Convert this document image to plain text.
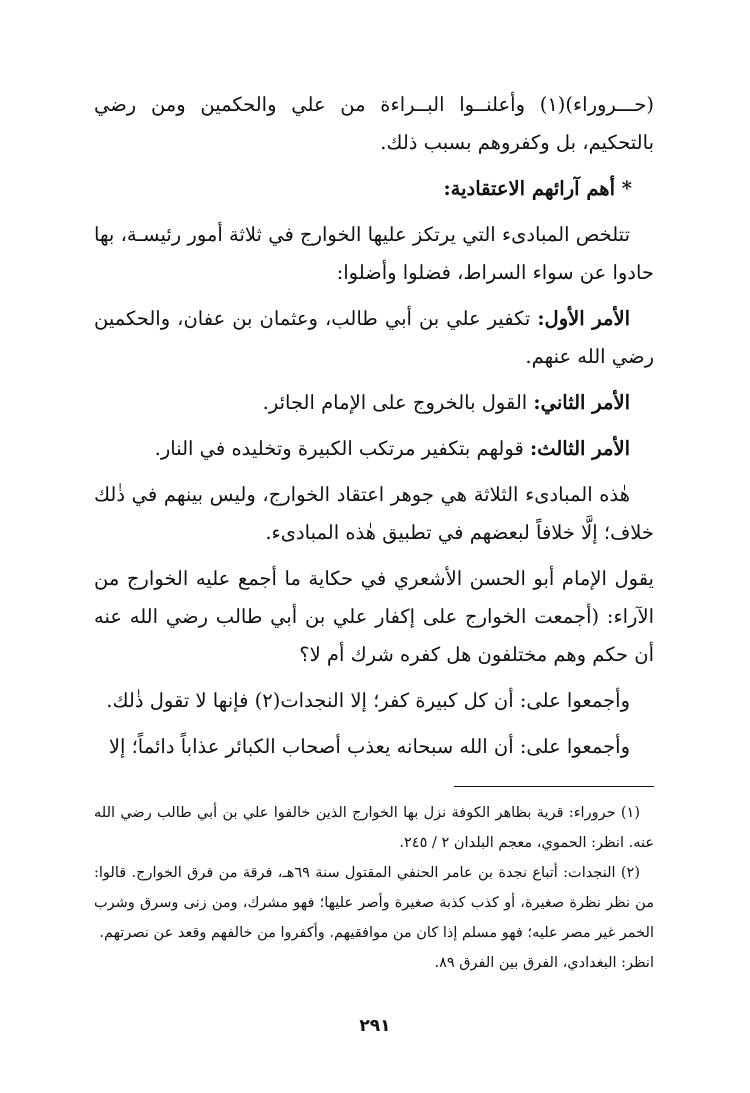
(حـــروراء)(١) وأعلنــوا البــراءة من علي والحكمين ومن رضي بالتحكيم، بل وكفروهم بسبب ذلك.

* أهم آرائهم الاعتقادية:

تتلخص المبادىء التي يرتكز عليها الخوارج في ثلاثة أمور رئيسـة، بها حادوا عن سواء السراط، فضلوا وأضلوا:

الأمر الأول: تكفير علي بن أبي طالب، وعثمان بن عفان، والحكمين رضي الله عنهم.

الأمر الثاني: القول بالخروج على الإمام الجائر.

الأمر الثالث: قولهم بتكفير مرتكب الكبيرة وتخليده في النار.

هٰذه المبادىء الثلاثة هي جوهر اعتقاد الخوارج، وليس بينهم في ذٰلك خلاف؛ إلَّا خلافاً لبعضهم في تطبيق هٰذه المبادىء.

يقول الإمام أبو الحسن الأشعري في حكاية ما أجمع عليه الخوارج من الآراء: (أجمعت الخوارج على إكفار علي بن أبي طالب رضي الله عنه أن حكم وهم مختلفون هل كفره شرك أم لا؟

وأجمعوا على: أن كل كبيرة كفر؛ إلا النجدات(٢) فإنها لا تقول ذٰلك.

وأجمعوا على: أن الله سبحانه يعذب أصحاب الكبائر عذاباً دائماً؛ إلا

(١) حروراء: قرية بظاهر الكوفة نزل بها الخوارج الذين خالفوا علي بن أبي طالب رضي الله عنه. انظر: الحموي، معجم البلدان ٢ / ٢٤٥.

(٢) النجدات: أتباع نجدة بن عامر الحنفي المقتول سنة ٦٩هـ، فرقة من فرق الخوارج. قالوا: من نظر نظرة صغيرة، أو كذب كذبة صغيرة وأصر عليها؛ فهو مشرك، ومن زنى وسرق وشرب الخمر غير مصر عليه؛ فهو مسلم إذا كان من موافقيهم. وأكفروا من خالفهم وقعد عن نصرتهم.

انظر: البغدادي، الفرق بين الفرق ٨٩.

٢٩١
